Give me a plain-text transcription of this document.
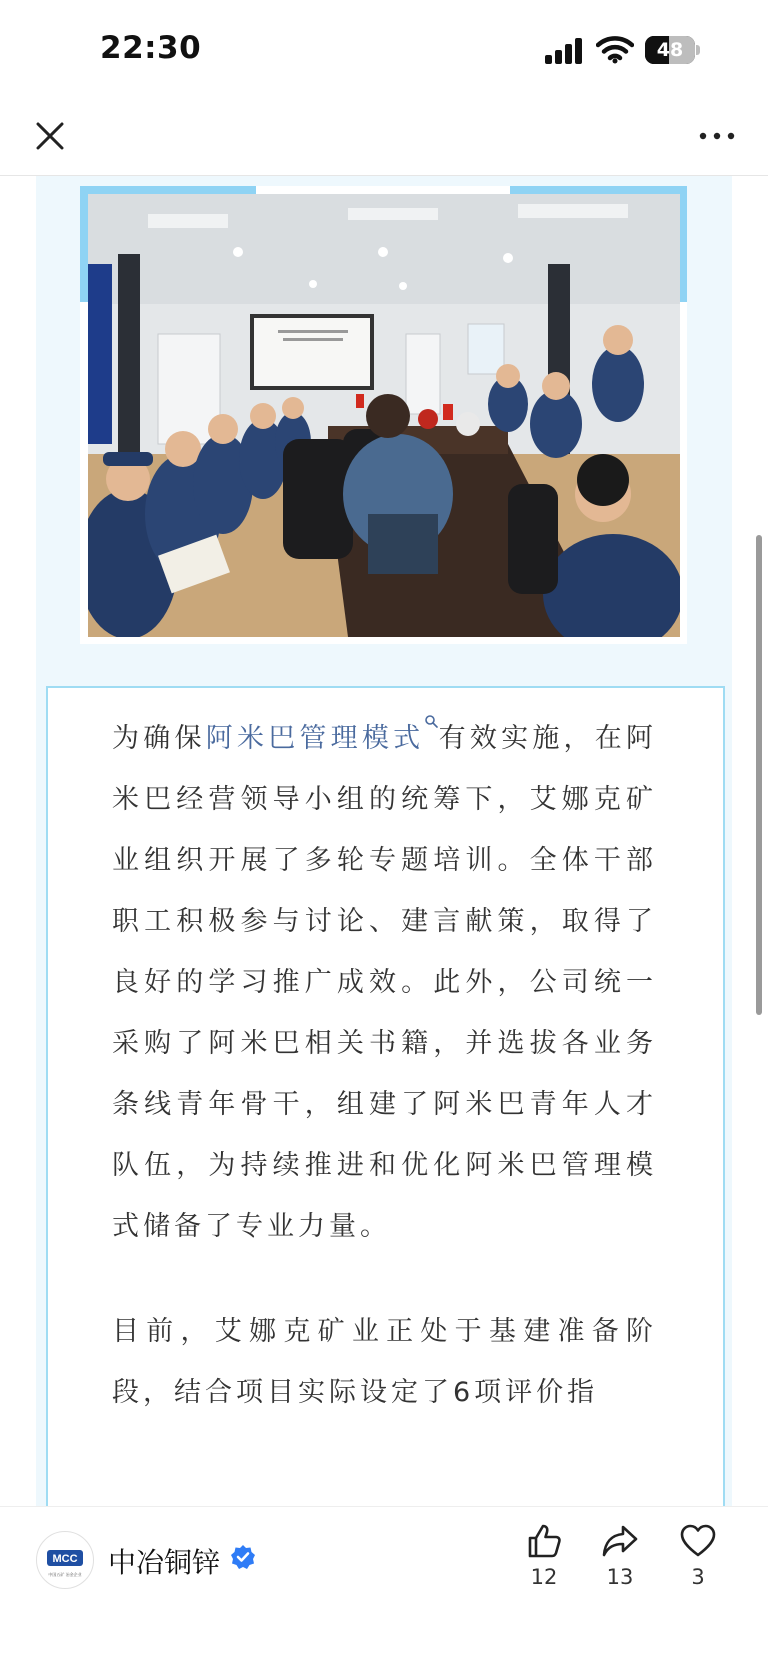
22:30	48

为确保阿米巴管理模式 有效实施，在阿米巴经营领导小组的统筹下，艾娜克矿业组织开展了多轮专题培训。全体干部职工积极参与讨论、建言献策，取得了良好的学习推广成效。此外，公司统一采购了阿米巴相关书籍，并选拔各业务条线青年骨干，组建了阿米巴青年人才队伍，为持续推进和优化阿米巴管理模式储备了专业力量。

目前，艾娜克矿业正处于基建准备阶段，结合项目实际设定了6项评价指

MCC
中国五矿 冶金企业 中冶铜锌	12	13	3
